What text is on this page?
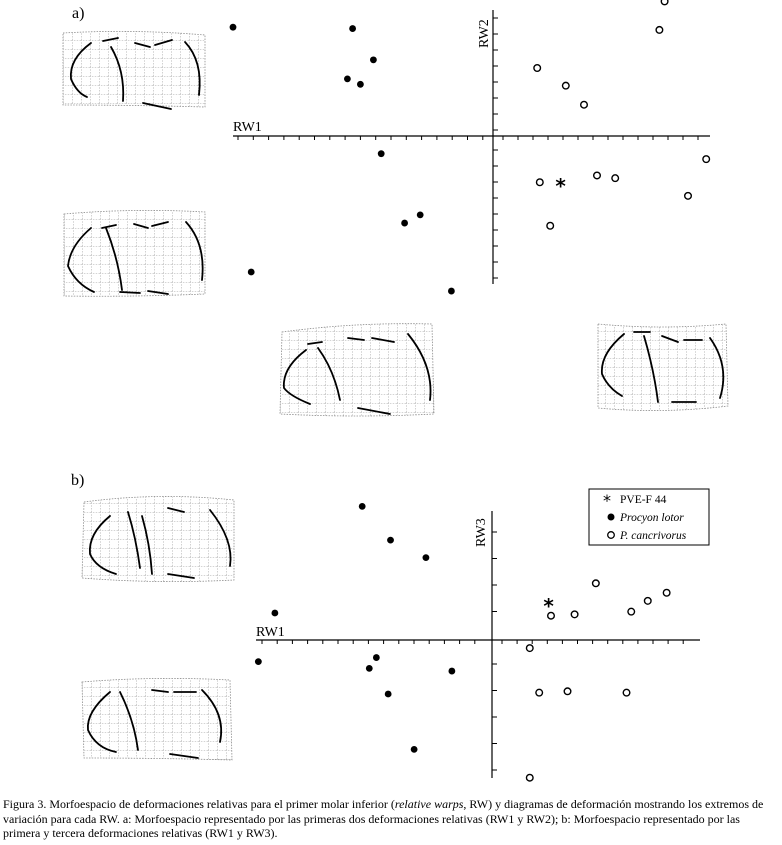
a)
RW1
RW2
*
b)
RW1
RW3
*
* PVE-F 44
Procyon lotor
P. cancrivorus

Figura 3. Morfoespacio de deformaciones relativas para el primer molar inferior (relative warps, RW) y diagramas de deformación mostrando los extremos de variación para cada RW. a: Morfoespacio representado por las primeras dos deformaciones relativas (RW1 y RW2); b: Morfoespacio representado por las primera y tercera deformaciones relativas (RW1 y RW3).
